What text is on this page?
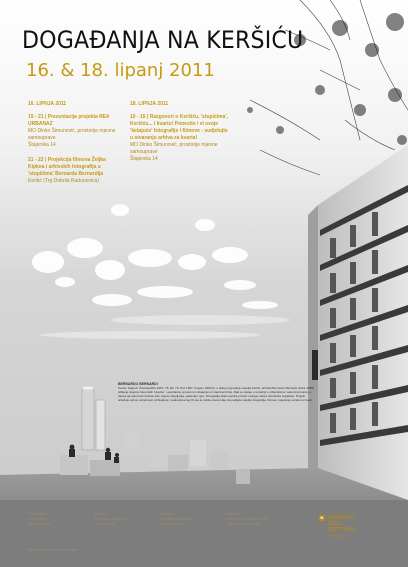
DOGAĐANJA NA KERŠIĆU
16. & 18. lipanj 2011
16. LIPNJA 2011
19 - 21 | Prezentacija projekta RE4 URBANAZ
MO Dinko Šimunović, prostorije mjesne samouprave
Štajerska 14
21 - 22 | Projekcija filmova Željka Kipkea i arhivskih fotografija u 'stupićima' Bernarda Bernardija
Keršić (Trg Dobrila Radunovića)
18. LIPNJA 2011
10 - 15 | Razgovori o Keršiću, 'stupićima', Keršiću... i kvartu! Ponesite i vi svoje 'šetajuće' fotografije i filmove - sudjelujte u stvaranju arhiva za kvarta!
MO Dinko Šimunović, prostorije mjesne samouprave
Štajerska 14
BERNARDO BERNARDI
Keršić, Zagreb. Žumberačka 1967, 78. 80. 79. Prvi 1967. Krajem 1960-ih, u sklopu izgradnje naselja Keršić, arhitekt Bernardo Bernardi (1921-1985) oblikuje skupinu betonskih 'stupića' - apstraktnu prostornu instalaciju uz stambeni blok. Rad je nastao u suradnji s urbanistima i autorima kvarta, a danas ga stanovnici koriste kao mjesto okupljanja, sjedenja i igre. Fotografija dokumentira prostor nedugo nakon dovršetka izgradnje. Projekt istražuje odnos umjetnosti, arhitekture i svakodnevnog života te potiče stanovnike da podijele vlastite fotografije, filmove i sjećanja vezana uz kvart.
Organizatori:
re4 urbanaz
Keršić Udruga
Partneri:
MO Dinko Šimunović
Grad Zagreb
Podrška:
Zaklada Heinrich Böll
Ured za kulturu
Kontakt:
http://www.re4urbanaz.org
info@re4urbanaz.org
http://www.facebook.com/kersic
B HEINRICH
BÖLL
STIFTUNG
HRVATSKA
